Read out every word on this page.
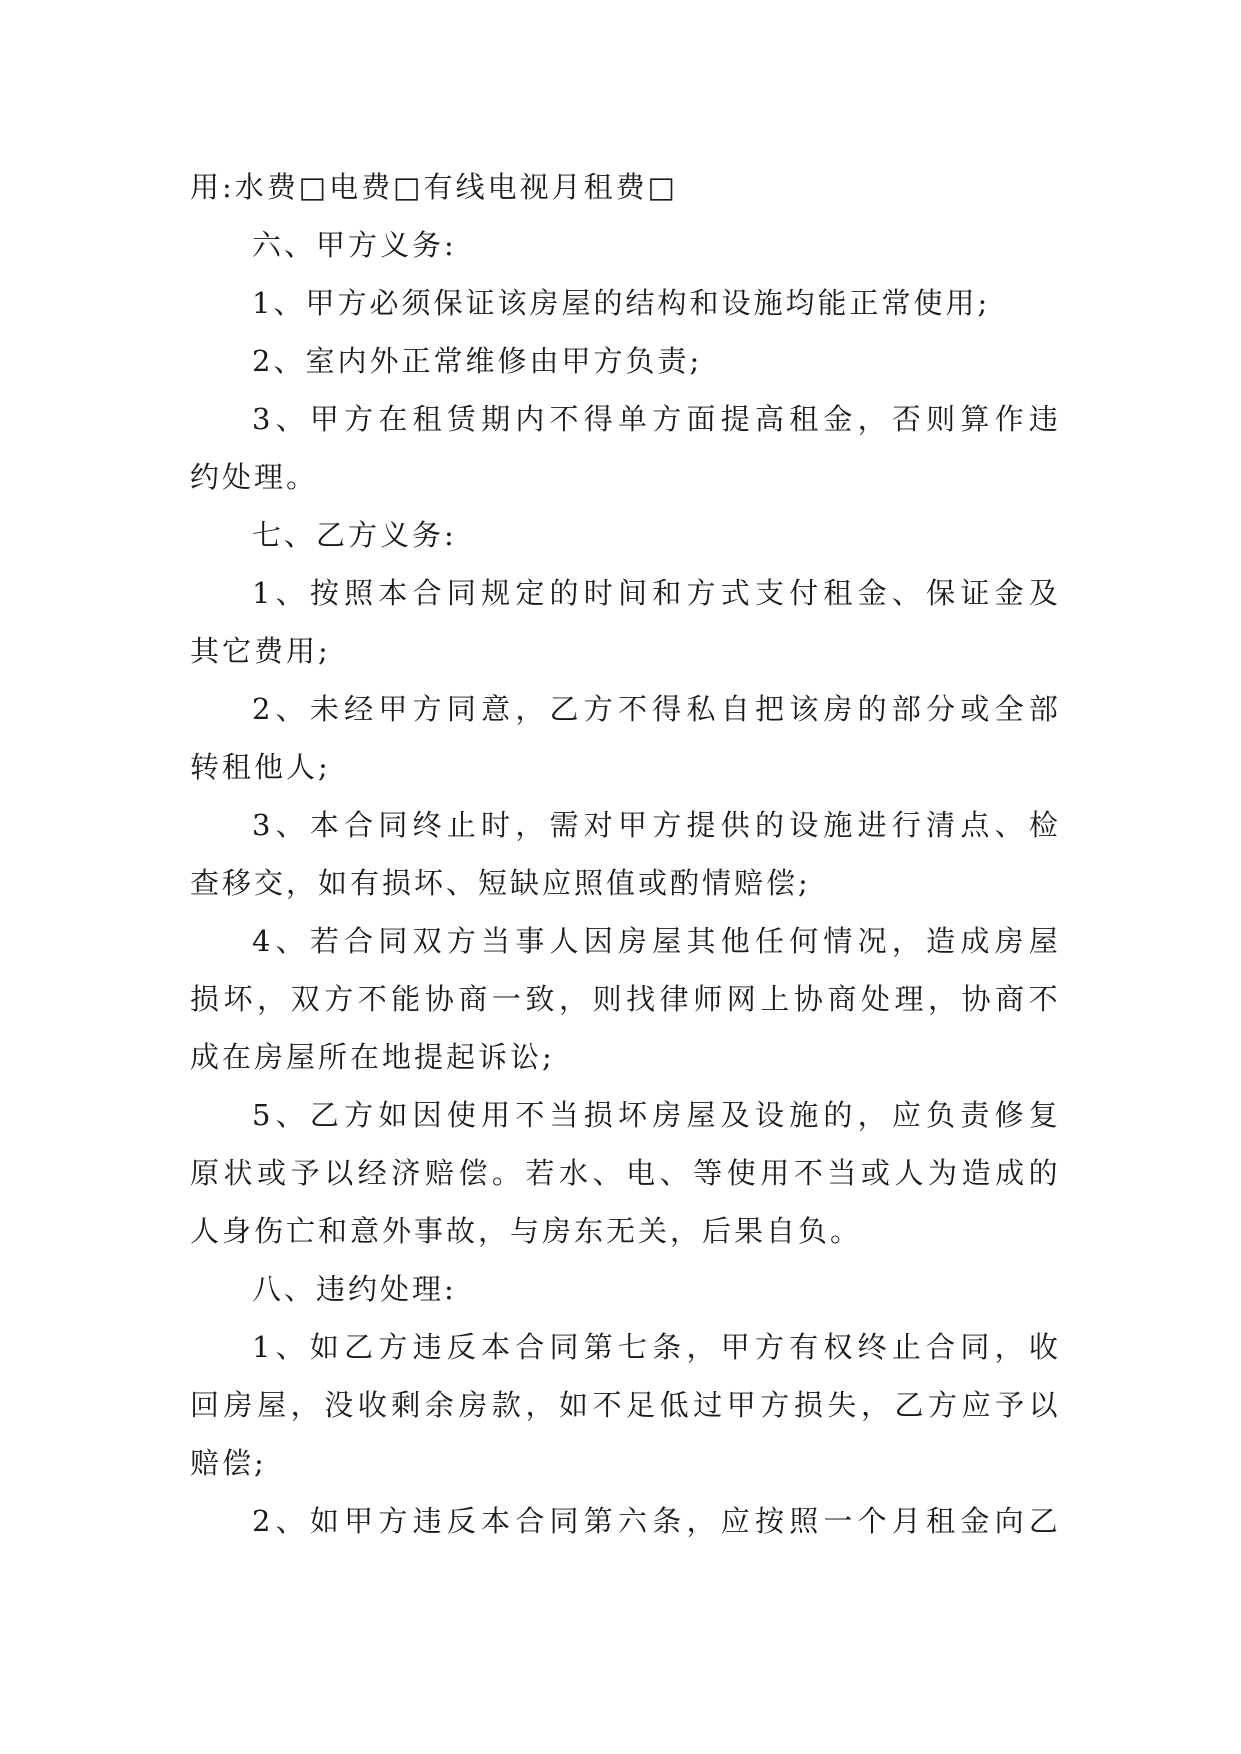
用:水费□电费□有线电视月租费□
六、甲方义务:
1、甲方必须保证该房屋的结构和设施均能正常使用;
2、室内外正常维修由甲方负责;
3 、 甲 方 在 租 赁 期 内 不 得 单 方 面 提 高 租 金 ， 否 则 算 作 违
约处理。
七、乙方义务:
1 、 按 照 本 合 同 规 定 的 时 间 和 方 式 支 付 租 金 、 保 证 金 及
其它费用;
2 、 未 经 甲 方 同 意 ， 乙 方 不 得 私 自 把 该 房 的 部 分 或 全 部
转租他人;
3 、 本 合 同 终 止 时 ， 需 对 甲 方 提 供 的 设 施 进 行 清 点 、 检
查移交，如有损坏、短缺应照值或酌情赔偿;
4 、 若 合 同 双 方 当 事 人 因 房 屋 其 他 任 何 情 况 ， 造 成 房 屋
损 坏 ， 双 方 不 能 协 商 一 致 ， 则 找 律 师 网 上 协 商 处 理 ， 协 商 不
成在房屋所在地提起诉讼;
5 、 乙 方 如 因 使 用 不 当 损 坏 房 屋 及 设 施 的 ， 应 负 责 修 复
原 状 或 予 以 经 济 赔 偿 。 若 水 、 电 、 等 使 用 不 当 或 人 为 造 成 的
人身伤亡和意外事故，与房东无关，后果自负。
八、违约处理:
1 、 如 乙 方 违 反 本 合 同 第 七 条 ， 甲 方 有 权 终 止 合 同 ， 收
回 房 屋 ， 没 收 剩 余 房 款 ， 如 不 足 低 过 甲 方 损 失 ， 乙 方 应 予 以
赔偿;
2 、 如 甲 方 违 反 本 合 同 第 六 条 ， 应 按 照 一 个 月 租 金 向 乙
